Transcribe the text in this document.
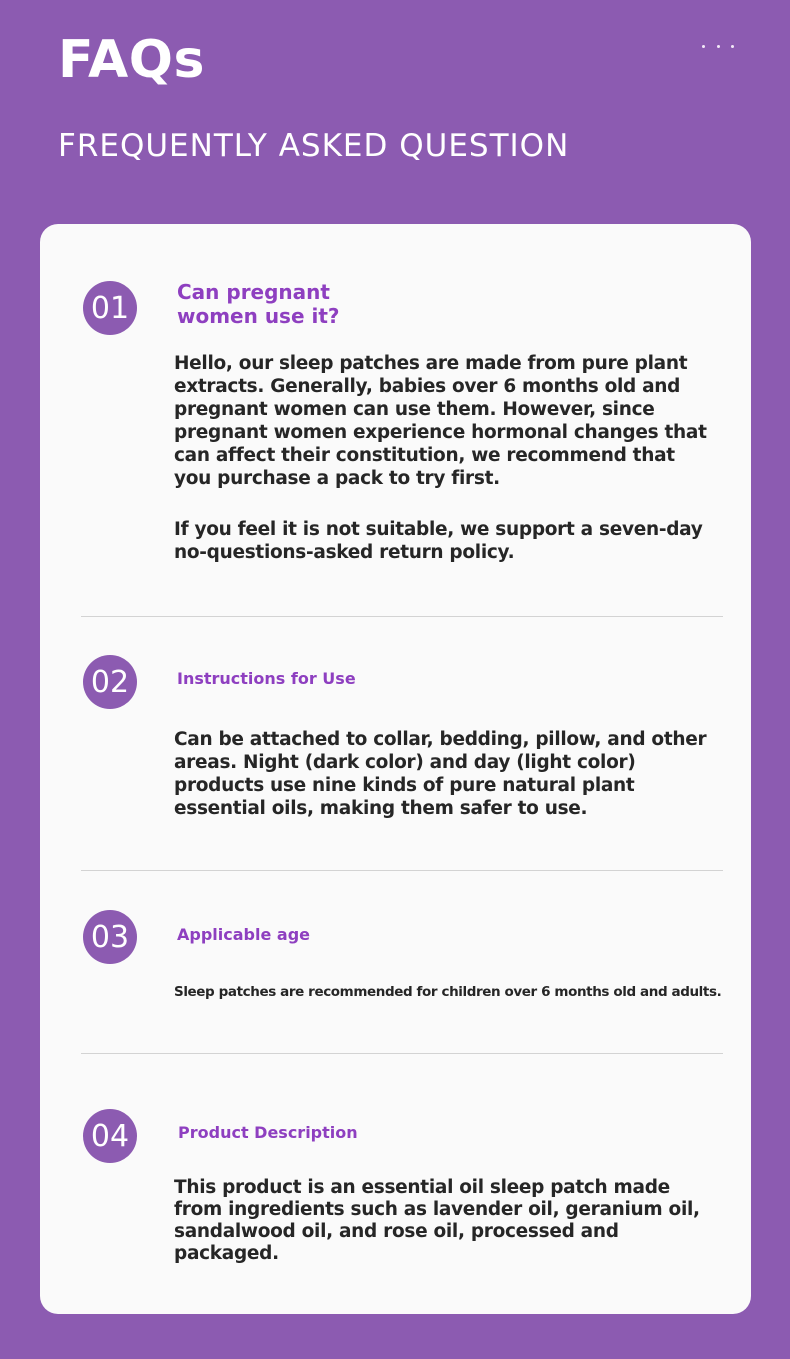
FAQs
FREQUENTLY ASKED QUESTION
01	Can pregnant women use it?

Hello, our sleep patches are made from pure plant extracts. Generally, babies over 6 months old and pregnant women can use them. However, since pregnant women experience hormonal changes that can affect their constitution, we recommend that you purchase a pack to try first.

If you feel it is not suitable, we support a seven-day no-questions-asked return policy.

02	Instructions for Use

Can be attached to collar, bedding, pillow, and other areas. Night (dark color) and day (light color) products use nine kinds of pure natural plant essential oils, making them safer to use.

03	Applicable age

Sleep patches are recommended for children over 6 months old and adults.

04	Product Description

This product is an essential oil sleep patch made from ingredients such as lavender oil, geranium oil, sandalwood oil, and rose oil, processed and packaged.
